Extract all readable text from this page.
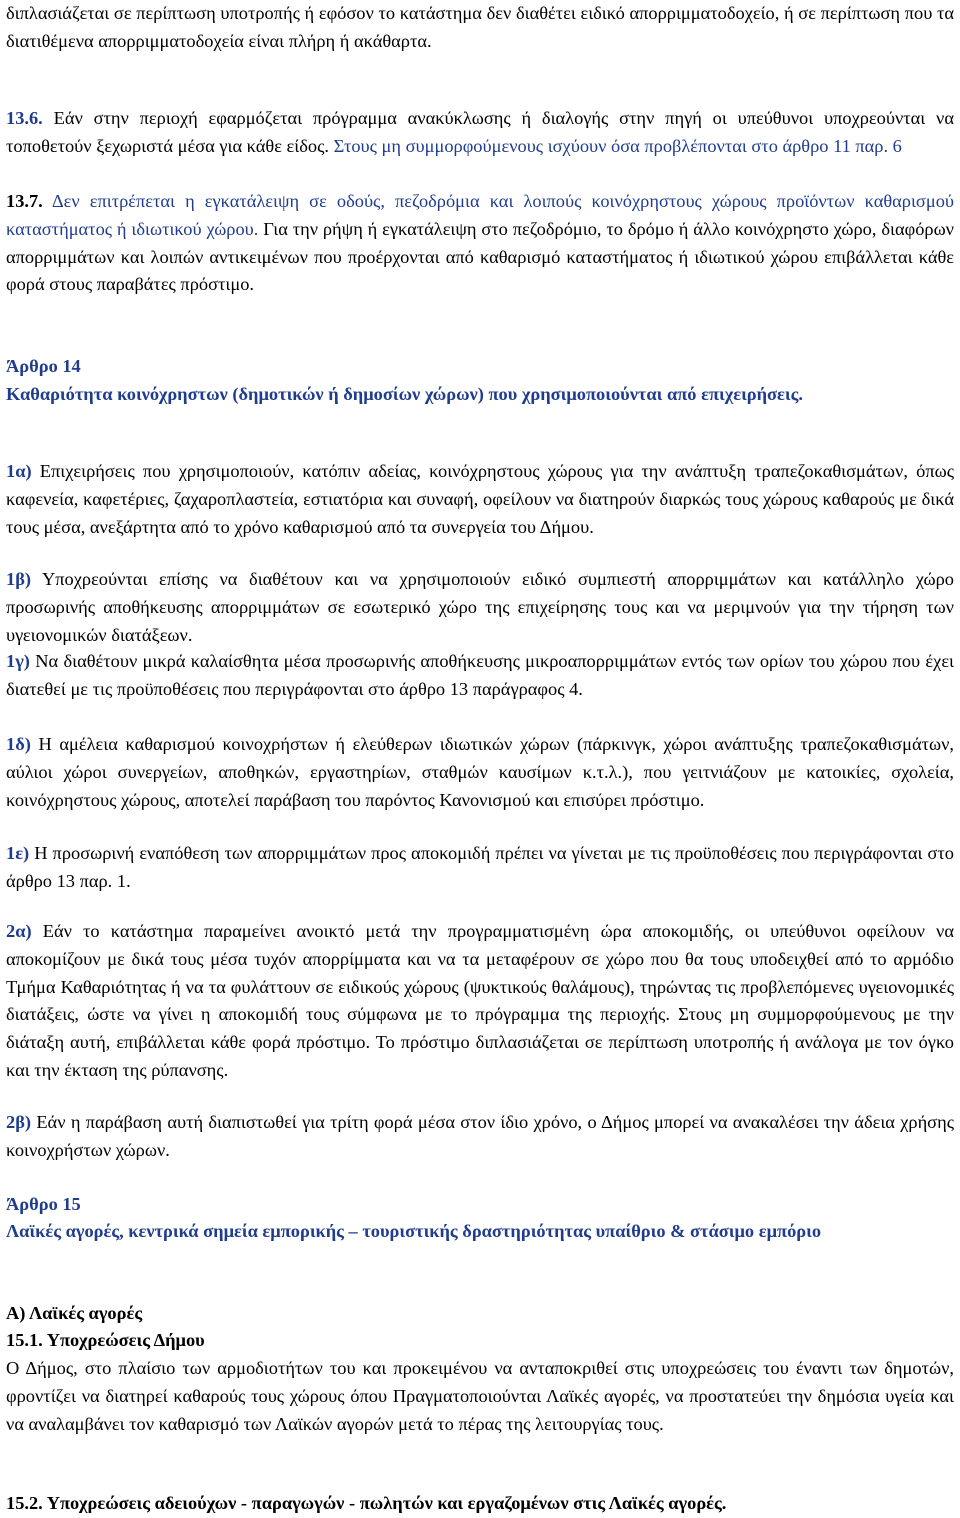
διπλασιάζεται σε περίπτωση υποτροπής ή εφόσον το κατάστημα δεν διαθέτει ειδικό απορριμματοδοχείο, ή σε περίπτωση που τα διατιθέμενα απορριμματοδοχεία είναι πλήρη ή ακάθαρτα.

13.6. Εάν στην περιοχή εφαρμόζεται πρόγραμμα ανακύκλωσης ή διαλογής στην πηγή οι υπεύθυνοι υποχρεούνται να τοποθετούν ξεχωριστά μέσα για κάθε είδος. Στους μη συμμορφούμενους ισχύουν όσα προβλέπονται στο άρθρο 11 παρ. 6

13.7. Δεν επιτρέπεται η εγκατάλειψη σε οδούς, πεζοδρόμια και λοιπούς κοινόχρηστους χώρους προϊόντων καθαρισμού καταστήματος ή ιδιωτικού χώρου. Για την ρήψη ή εγκατάλειψη στο πεζοδρόμιο, το δρόμο ή άλλο κοινόχρηστο χώρο, διαφόρων απορριμμάτων και λοιπών αντικειμένων που προέρχονται από καθαρισμό καταστήματος ή ιδιωτικού χώρου επιβάλλεται κάθε φορά στους παραβάτες πρόστιμο.

Άρθρο 14

Καθαριότητα κοινόχρηστων (δημοτικών ή δημοσίων χώρων) που χρησιμοποιούνται από επιχειρήσεις.

1α) Επιχειρήσεις που χρησιμοποιούν, κατόπιν αδείας, κοινόχρηστους χώρους για την ανάπτυξη τραπεζοκαθισμάτων, όπως καφενεία, καφετέριες, ζαχαροπλαστεία, εστιατόρια και συναφή, οφείλουν να διατηρούν διαρκώς τους χώρους καθαρούς με δικά τους μέσα, ανεξάρτητα από το χρόνο καθαρισμού από τα συνεργεία του Δήμου.

1β) Υποχρεούνται επίσης να διαθέτουν και να χρησιμοποιούν ειδικό συμπιεστή απορριμμάτων και κατάλληλο χώρο προσωρινής αποθήκευσης απορριμμάτων σε εσωτερικό χώρο της επιχείρησης τους και να μεριμνούν για την τήρηση των υγειονομικών διατάξεων.

1γ) Να διαθέτουν μικρά καλαίσθητα μέσα προσωρινής αποθήκευσης μικροαπορριμμάτων εντός των ορίων του χώρου που έχει διατεθεί με τις προϋποθέσεις που περιγράφονται στο άρθρο 13 παράγραφος 4.

1δ) Η αμέλεια καθαρισμού κοινοχρήστων ή ελεύθερων ιδιωτικών χώρων (πάρκινγκ, χώροι ανάπτυξης τραπεζοκαθισμάτων, αύλιοι χώροι συνεργείων, αποθηκών, εργαστηρίων, σταθμών καυσίμων κ.τ.λ.), που γειτνιάζουν με κατοικίες, σχολεία, κοινόχρηστους χώρους, αποτελεί παράβαση του παρόντος Κανονισμού και επισύρει πρόστιμο.

1ε) Η προσωρινή εναπόθεση των απορριμμάτων προς αποκομιδή πρέπει να γίνεται με τις προϋποθέσεις που περιγράφονται στο άρθρο 13 παρ. 1.

2α) Εάν το κατάστημα παραμείνει ανοικτό μετά την προγραμματισμένη ώρα αποκομιδής, οι υπεύθυνοι οφείλουν να αποκομίζουν με δικά τους μέσα τυχόν απορρίμματα και να τα μεταφέρουν σε χώρο που θα τους υποδειχθεί από το αρμόδιο Τμήμα Καθαριότητας ή να τα φυλάττουν σε ειδικούς χώρους (ψυκτικούς θαλάμους), τηρώντας τις προβλεπόμενες υγειονομικές διατάξεις, ώστε να γίνει η αποκομιδή τους σύμφωνα με το πρόγραμμα της περιοχής. Στους μη συμμορφούμενους με την διάταξη αυτή, επιβάλλεται κάθε φορά πρόστιμο. Το πρόστιμο διπλασιάζεται σε περίπτωση υποτροπής ή ανάλογα με τον όγκο και την έκταση της ρύπανσης.

2β) Εάν η παράβαση αυτή διαπιστωθεί για τρίτη φορά μέσα στον ίδιο χρόνο, ο Δήμος μπορεί να ανακαλέσει την άδεια χρήσης κοινοχρήστων χώρων.

Άρθρο 15

Λαϊκές αγορές, κεντρικά σημεία εμπορικής – τουριστικής δραστηριότητας υπαίθριο & στάσιμο εμπόριο

Α) Λαϊκές αγορές

15.1. Υποχρεώσεις Δήμου

Ο Δήμος, στο πλαίσιο των αρμοδιοτήτων του και προκειμένου να ανταποκριθεί στις υποχρεώσεις του έναντι των δημοτών, φροντίζει να διατηρεί καθαρούς τους χώρους όπου Πραγματοποιούνται Λαϊκές αγορές, να προστατεύει την δημόσια υγεία και να αναλαμβάνει τον καθαρισμό των Λαϊκών αγορών μετά το πέρας της λειτουργίας τους.

15.2. Υποχρεώσεις αδειούχων - παραγωγών - πωλητών και εργαζομένων στις Λαϊκές αγορές.
